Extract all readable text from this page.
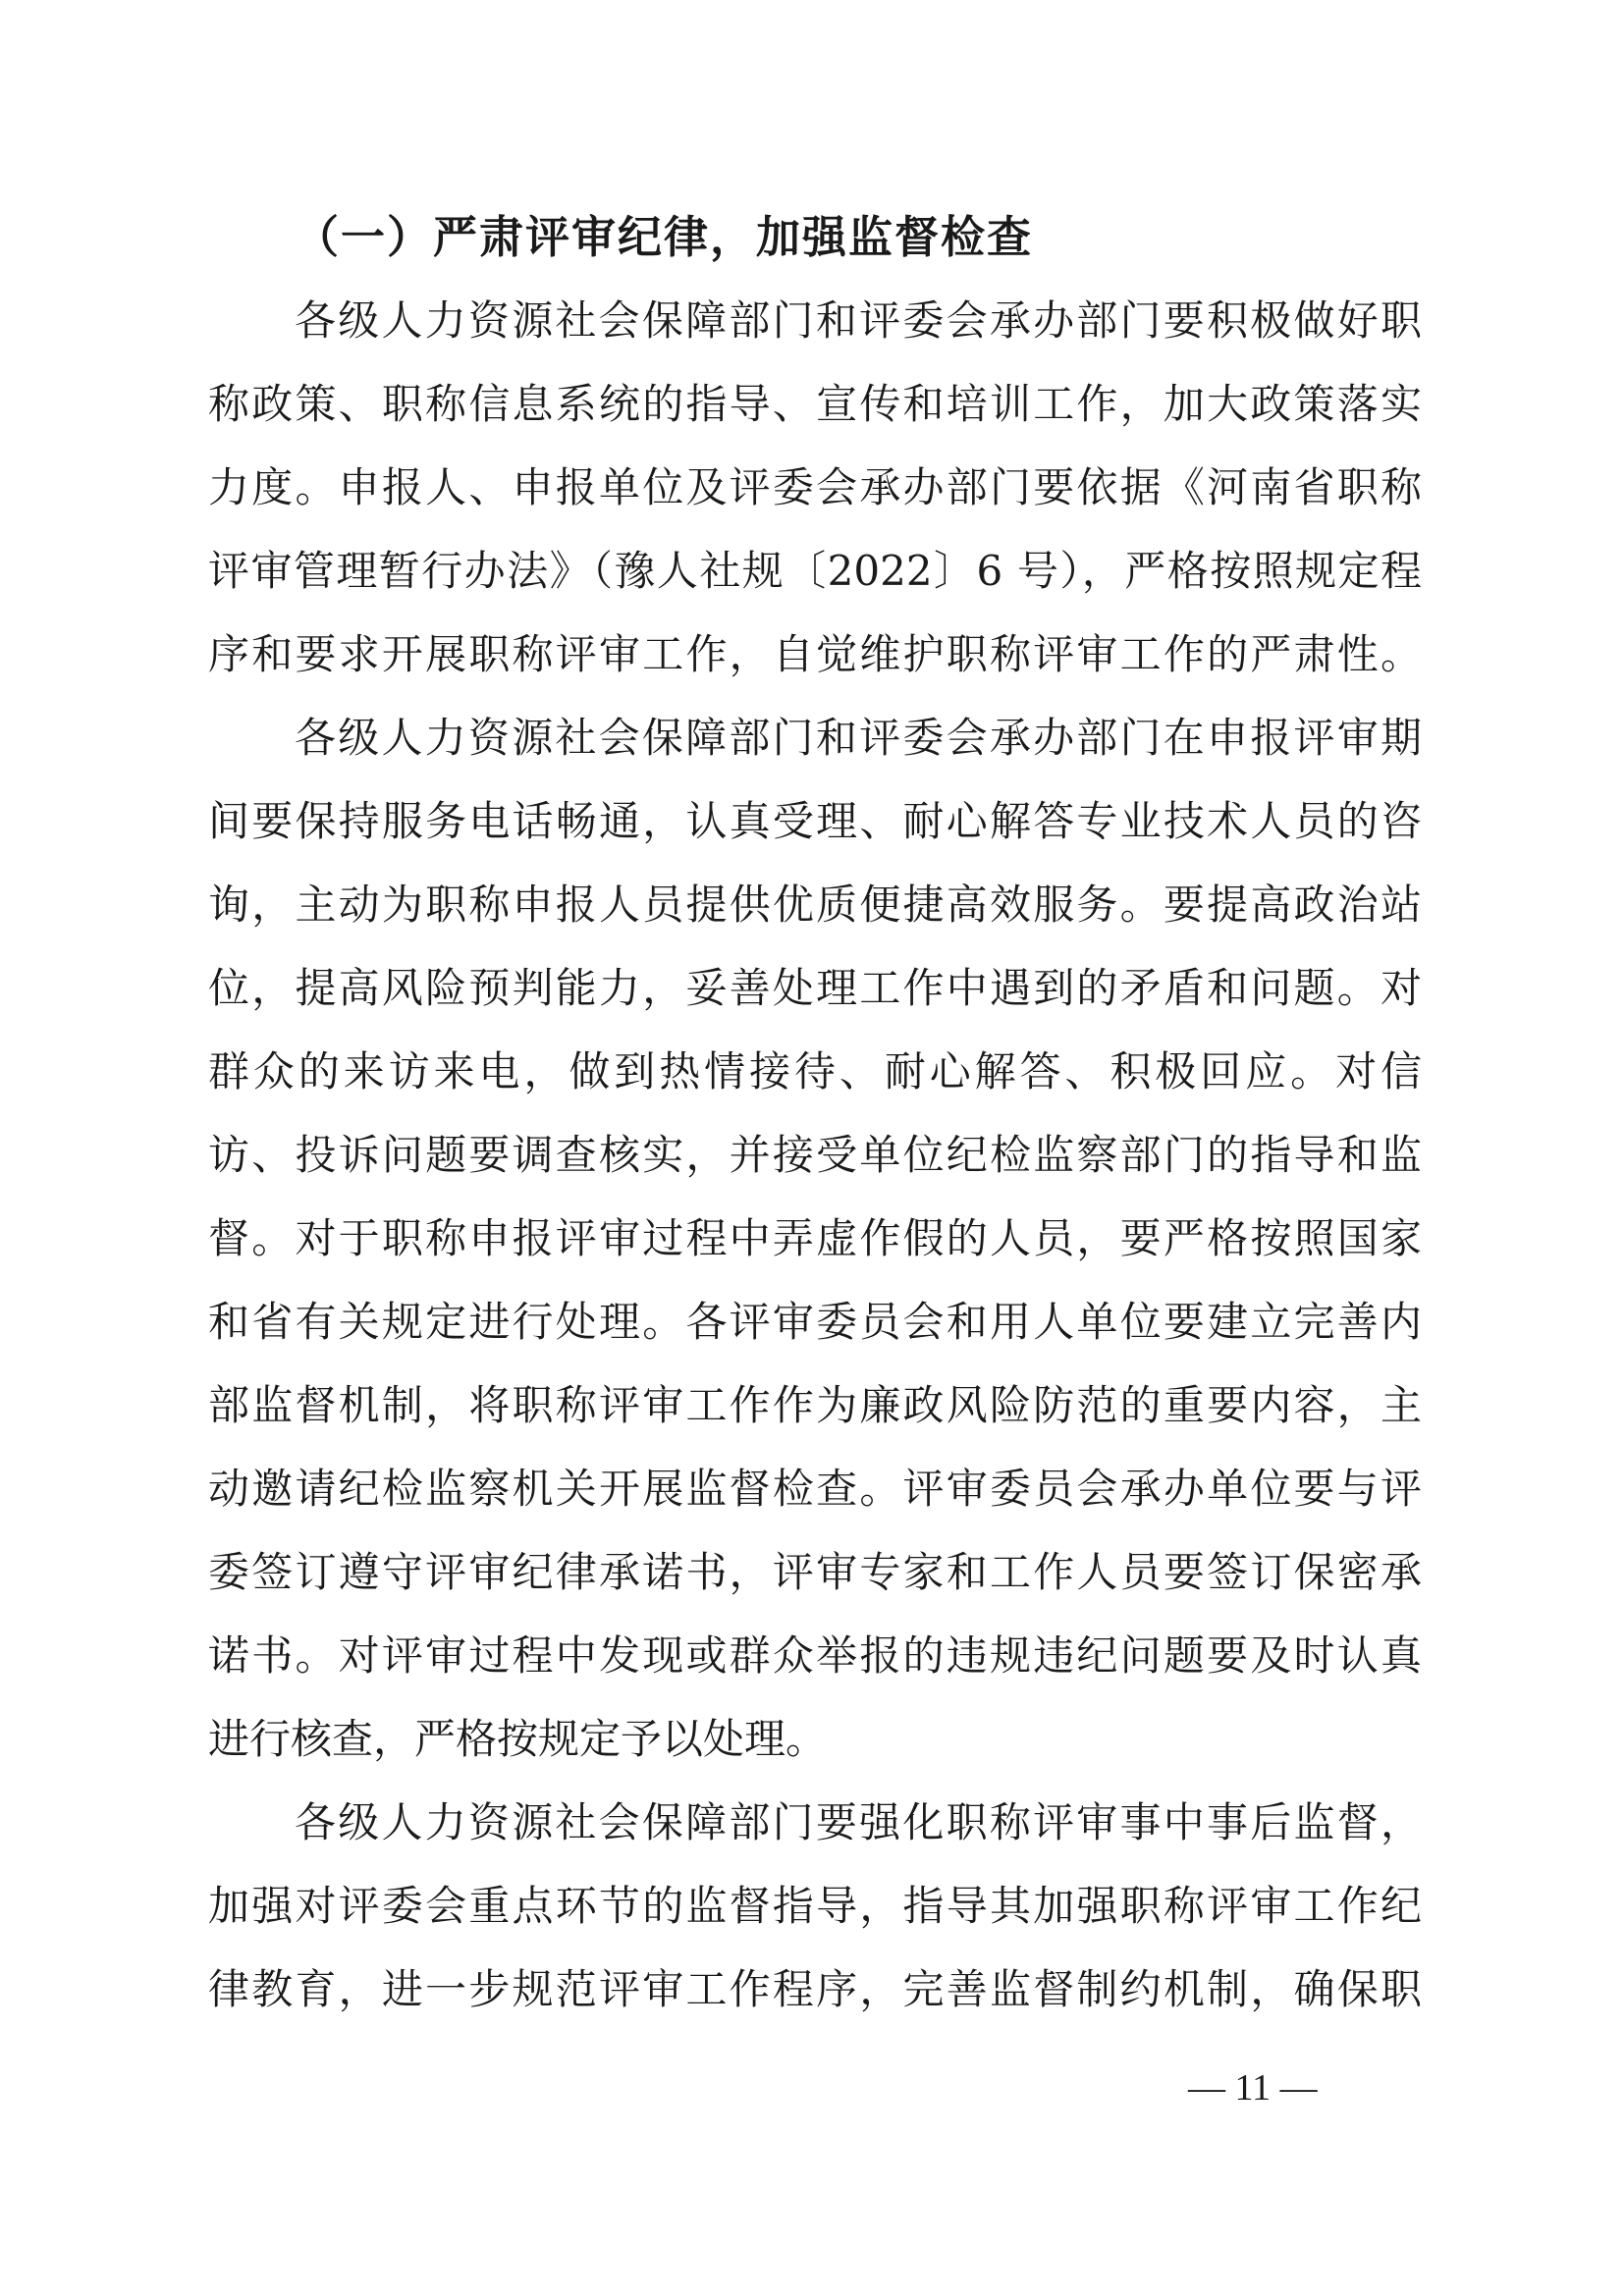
（一）严肃评审纪律，加强监督检查
各级人力资源社会保障部门和评委会承办部门要积极做好职
称政策、职称信息系统的指导、宣传和培训工作，加大政策落实
力度。申报人、申报单位及评委会承办部门要依据《河南省职称
评审管理暂行办法》（豫人社规〔2022〕6 号），严格按照规定程
序和要求开展职称评审工作，自觉维护职称评审工作的严肃性。
各级人力资源社会保障部门和评委会承办部门在申报评审期
间要保持服务电话畅通，认真受理、耐心解答专业技术人员的咨
询，主动为职称申报人员提供优质便捷高效服务。要提高政治站
位，提高风险预判能力，妥善处理工作中遇到的矛盾和问题。对
群众的来访来电，做到热情接待、耐心解答、积极回应。对信
访、投诉问题要调查核实，并接受单位纪检监察部门的指导和监
督。对于职称申报评审过程中弄虚作假的人员，要严格按照国家
和省有关规定进行处理。各评审委员会和用人单位要建立完善内
部监督机制，将职称评审工作作为廉政风险防范的重要内容，主
动邀请纪检监察机关开展监督检查。评审委员会承办单位要与评
委签订遵守评审纪律承诺书，评审专家和工作人员要签订保密承
诺书。对评审过程中发现或群众举报的违规违纪问题要及时认真
进行核查，严格按规定予以处理。
各级人力资源社会保障部门要强化职称评审事中事后监督，
加强对评委会重点环节的监督指导，指导其加强职称评审工作纪
律教育，进一步规范评审工作程序，完善监督制约机制，确保职
— 11 —
